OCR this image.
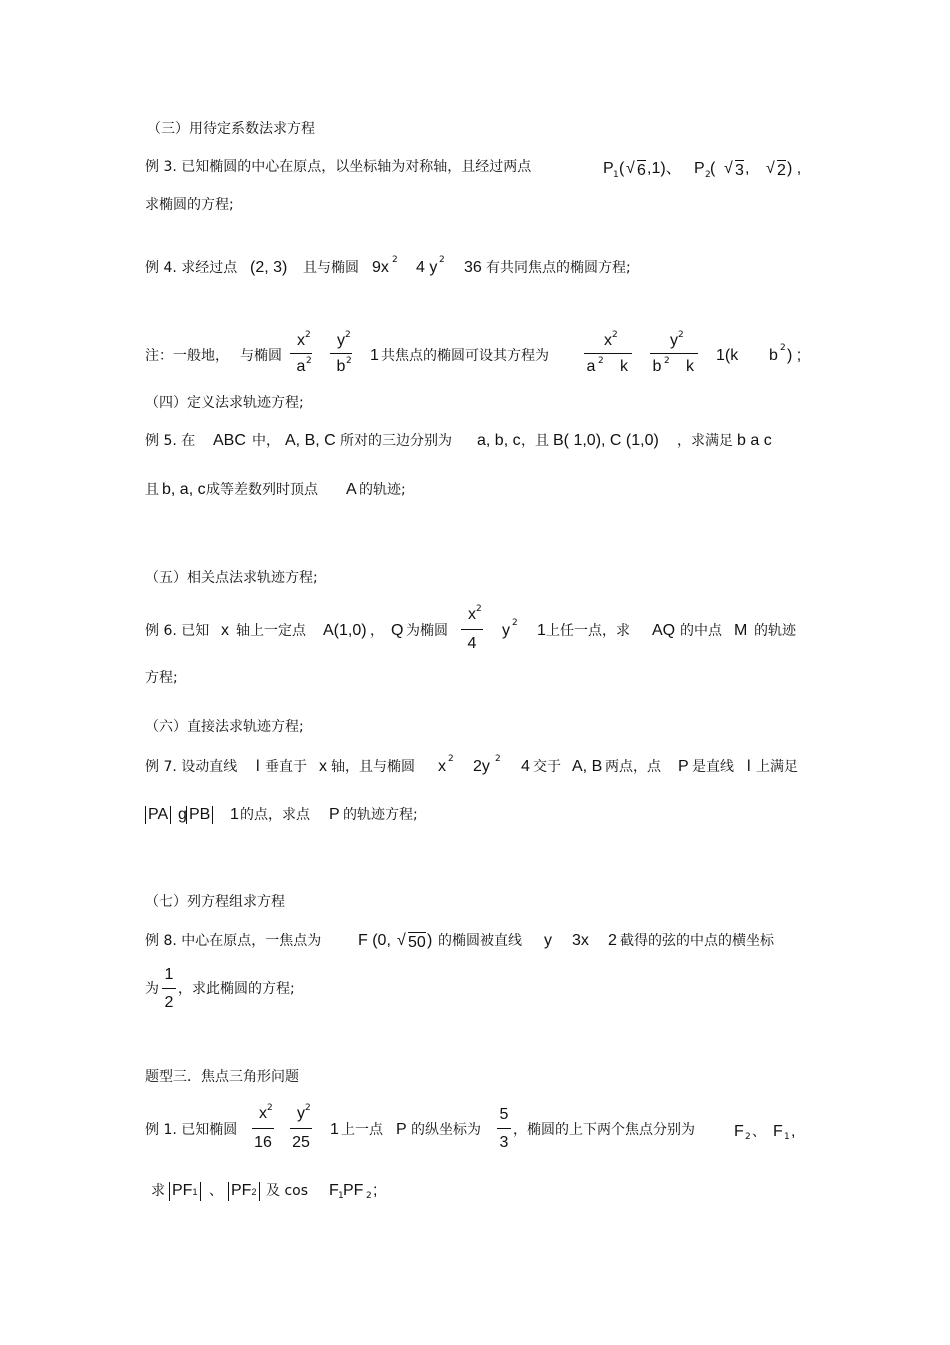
（三）用待定系数法求方程
例 3. 已知椭圆的中心在原点，以坐标轴为对称轴，且经过两点	P 1 ( √ 6 ,1)、 P 2 ( √ 3 , √ 2 ) ,
求椭圆的方程;
例 4. 求经过点 (2, 3) 且与椭圆 9x 2 4 y 2 36 有共同焦点的椭圆方程;
注：一般地， 与椭圆
x 2
a 2
y 2
b 2 1 共焦点的椭圆可设其方程为
x 2
a 2 k
y 2
b 2 k
1(k b 2 ) ;
（四）定义法求轨迹方程;
例 5. 在 ABC 中， A, B, C 所对的三边分别为 a, b, c ，且 B( 1,0), C (1,0) ，求满足 b a c
且 b, a, c 成等差数列时顶点 A 的轨迹;
（五）相关点法求轨迹方程;
例 6. 已知 x 轴上一定点 A(1,0) ， Q 为椭圆
x 2
4
y 2 1 上任一点，求 AQ 的中点 M 的轨迹
方程;
（六）直接法求轨迹方程;
例 7. 设动直线 l 垂直于 x 轴，且与椭圆 x 2 2y 2 4 交于 A, B 两点，点 P 是直线 l 上满足
PA g PB 1 的点，求点 P 的轨迹方程;
（七）列方程组求方程
例 8. 中心在原点，一焦点为 F (0, √ 50 ) 的椭圆被直线 y 3x 2 截得的弦的中点的横坐标
为
1
2
，求此椭圆的方程;
题型三．焦点三角形问题
例 1. 已知椭圆
x 2
16
y 2
25
1 上一点 P 的纵坐标为
5
3
，椭圆的上下两个焦点分别为 F 2 、 F 1 ,
求 PF1 、 PF2 及 cos F 1 PF 2 ;
